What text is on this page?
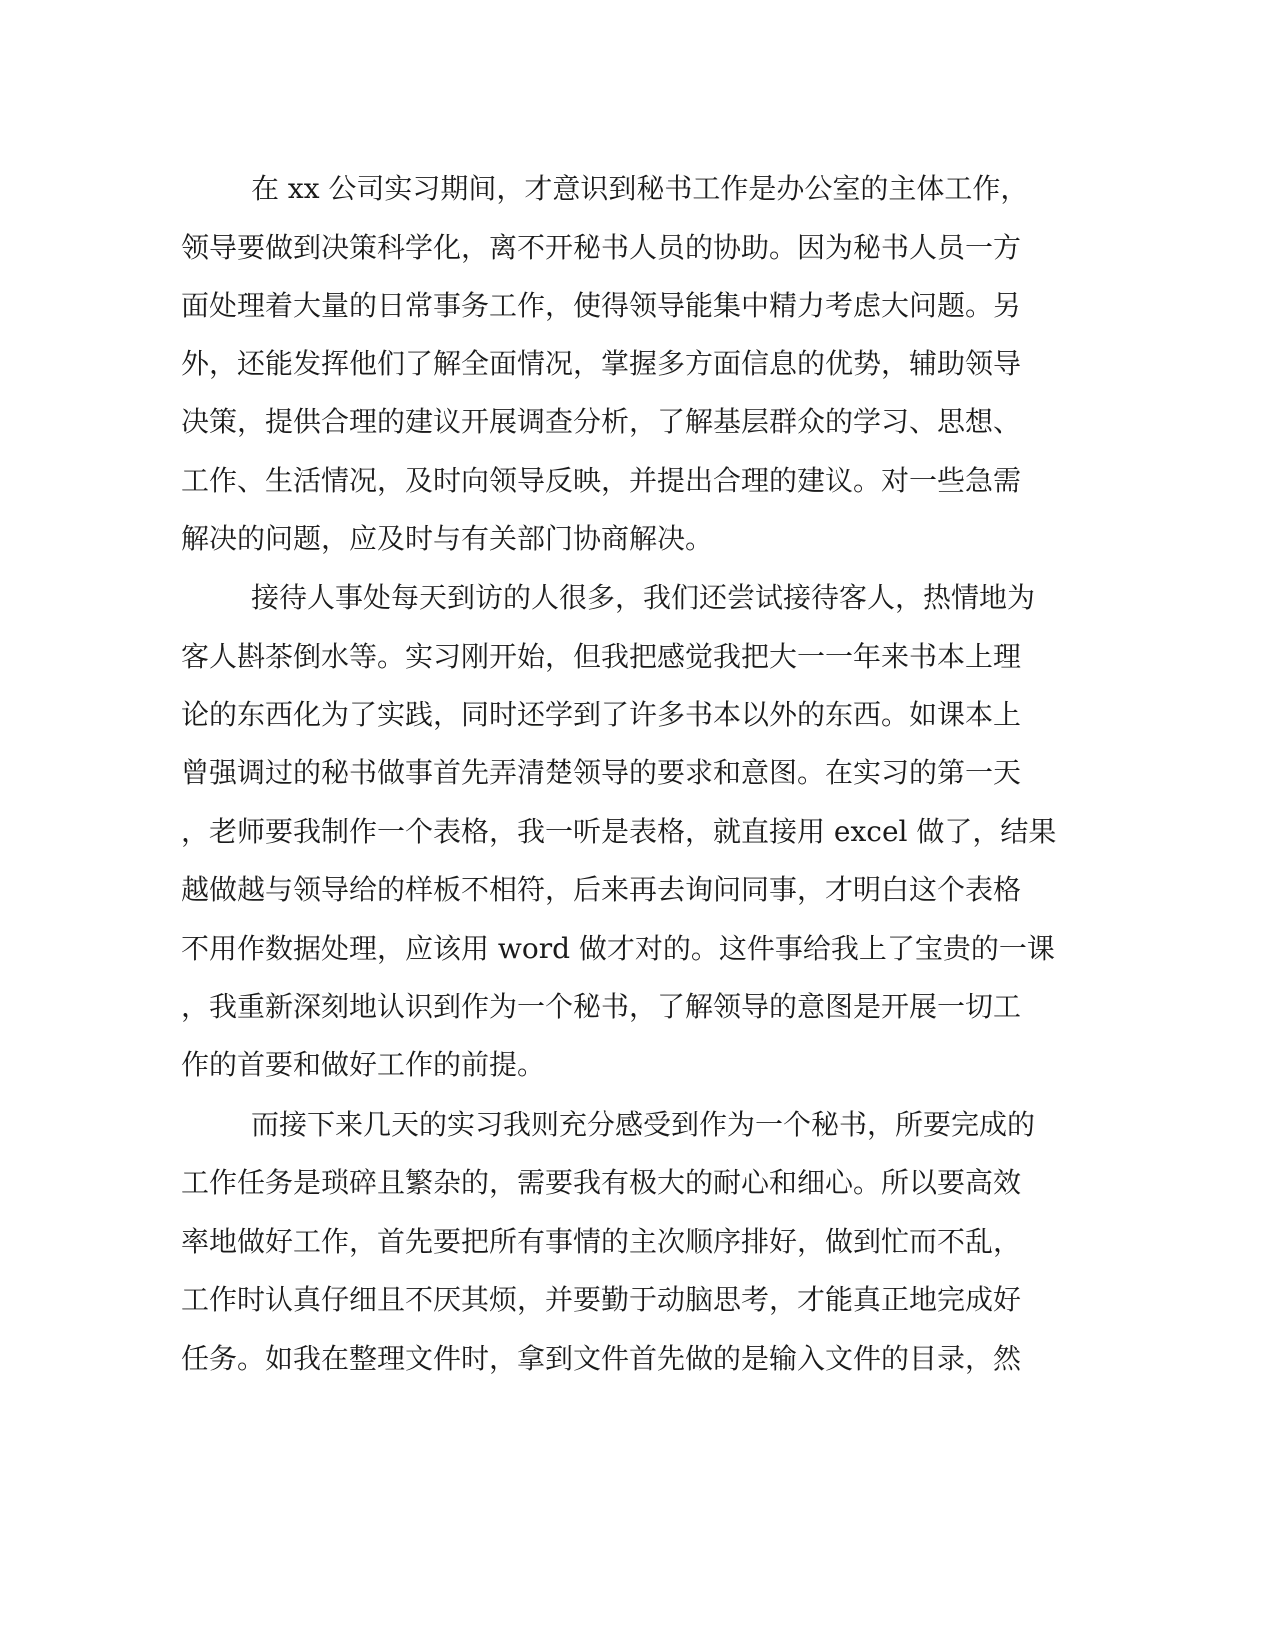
在 xx 公司实习期间，才意识到秘书工作是办公室的主体工作，
领导要做到决策科学化，离不开秘书人员的协助。因为秘书人员一方
面处理着大量的日常事务工作，使得领导能集中精力考虑大问题。另
外，还能发挥他们了解全面情况，掌握多方面信息的优势，辅助领导
决策，提供合理的建议开展调查分析，了解基层群众的学习、思想、
工作、生活情况，及时向领导反映，并提出合理的建议。对一些急需
解决的问题，应及时与有关部门协商解决。
接待人事处每天到访的人很多，我们还尝试接待客人，热情地为
客人斟茶倒水等。实习刚开始，但我把感觉我把大一一年来书本上理
论的东西化为了实践，同时还学到了许多书本以外的东西。如课本上
曾强调过的秘书做事首先弄清楚领导的要求和意图。在实习的第一天
，老师要我制作一个表格，我一听是表格，就直接用 excel 做了，结果
越做越与领导给的样板不相符，后来再去询问同事，才明白这个表格
不用作数据处理，应该用 word 做才对的。这件事给我上了宝贵的一课
，我重新深刻地认识到作为一个秘书，了解领导的意图是开展一切工
作的首要和做好工作的前提。
而接下来几天的实习我则充分感受到作为一个秘书，所要完成的
工作任务是琐碎且繁杂的，需要我有极大的耐心和细心。所以要高效
率地做好工作，首先要把所有事情的主次顺序排好，做到忙而不乱，
工作时认真仔细且不厌其烦，并要勤于动脑思考，才能真正地完成好
任务。如我在整理文件时，拿到文件首先做的是输入文件的目录，然
